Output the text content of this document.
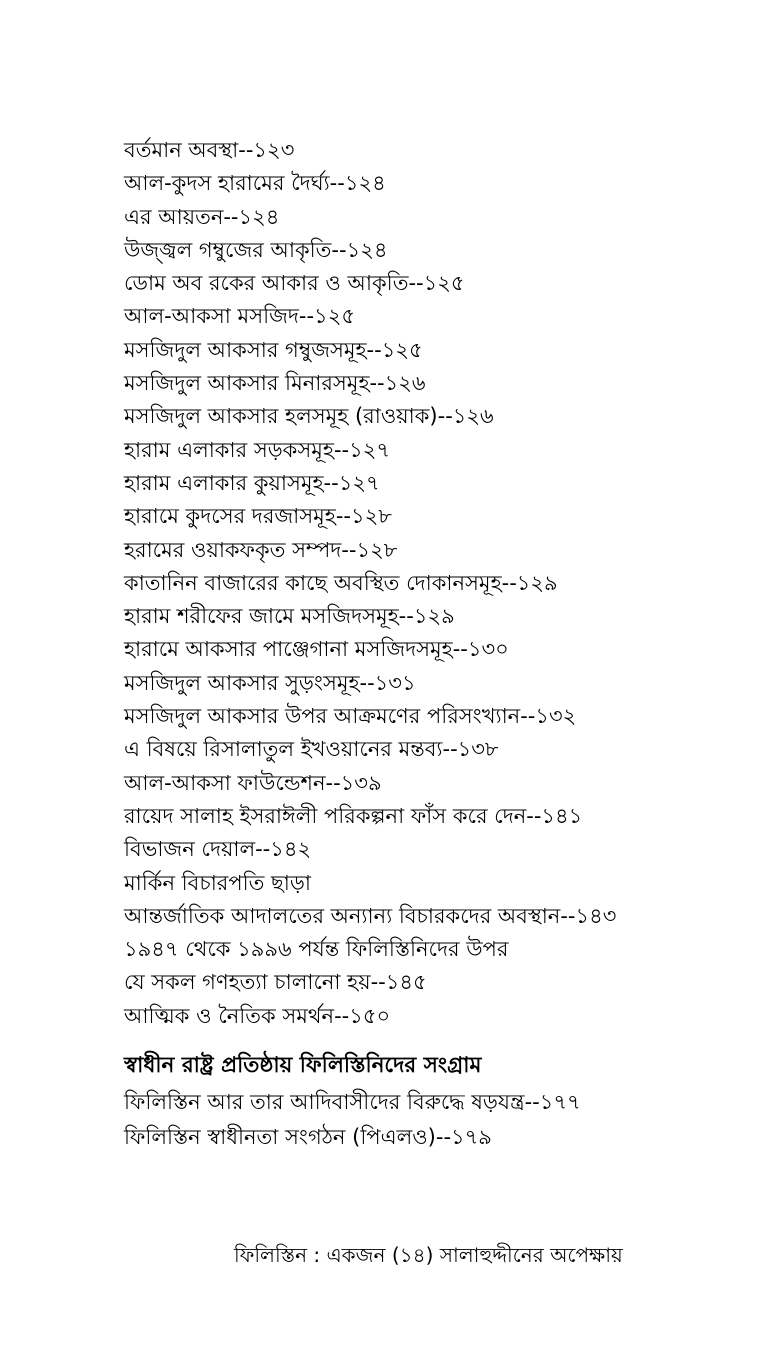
বর্তমান অবস্থা--১২৩
আল-কুদস হারামের দৈর্ঘ্য--১২৪
এর আয়তন--১২৪
উজ্জ্বল গম্বুজের আকৃতি--১২৪
ডোম অব রকের আকার ও আকৃতি--১২৫
আল-আকসা মসজিদ--১২৫
মসজিদুল আকসার গম্বুজসমূহ--১২৫
মসজিদুল আকসার মিনারসমূহ--১২৬
মসজিদুল আকসার হলসমূহ (রাওয়াক)--১২৬
হারাম এলাকার সড়কসমূহ--১২৭
হারাম এলাকার কুয়াসমূহ--১২৭
হারামে কুদসের দরজাসমূহ--১২৮
হরামের ওয়াকফকৃত সম্পদ--১২৮
কাতানিন বাজারের কাছে অবস্থিত দোকানসমূহ--১২৯
হারাম শরীফের জামে মসজিদসমূহ--১২৯
হারামে আকসার পাঞ্জেগানা মসজিদসমূহ--১৩০
মসজিদুল আকসার সুড়ংসমূহ--১৩১
মসজিদুল আকসার উপর আক্রমণের পরিসংখ্যান--১৩২
এ বিষয়ে রিসালাতুল ইখওয়ানের মন্তব্য--১৩৮
আল-আকসা ফাউন্ডেশন--১৩৯
রায়েদ সালাহ ইসরাঈলী পরিকল্পনা ফাঁস করে দেন--১৪১
বিভাজন দেয়াল--১৪২
মার্কিন বিচারপতি ছাড়া
আন্তর্জাতিক আদালতের অন্যান্য বিচারকদের অবস্থান--১৪৩
১৯৪৭ থেকে ১৯৯৬ পর্যন্ত ফিলিস্তিনিদের উপর
যে সকল গণহত্যা চালানো হয়--১৪৫
আত্মিক ও নৈতিক সমর্থন--১৫০
স্বাধীন রাষ্ট্র প্রতিষ্ঠায় ফিলিস্তিনিদের সংগ্রাম
ফিলিস্তিন আর তার আদিবাসীদের বিরুদ্ধে ষড়যন্ত্র--১৭৭
ফিলিস্তিন স্বাধীনতা সংগঠন (পিএলও)--১৭৯
ফিলিস্তিন : একজন (১৪) সালাহুদ্দীনের অপেক্ষায়
